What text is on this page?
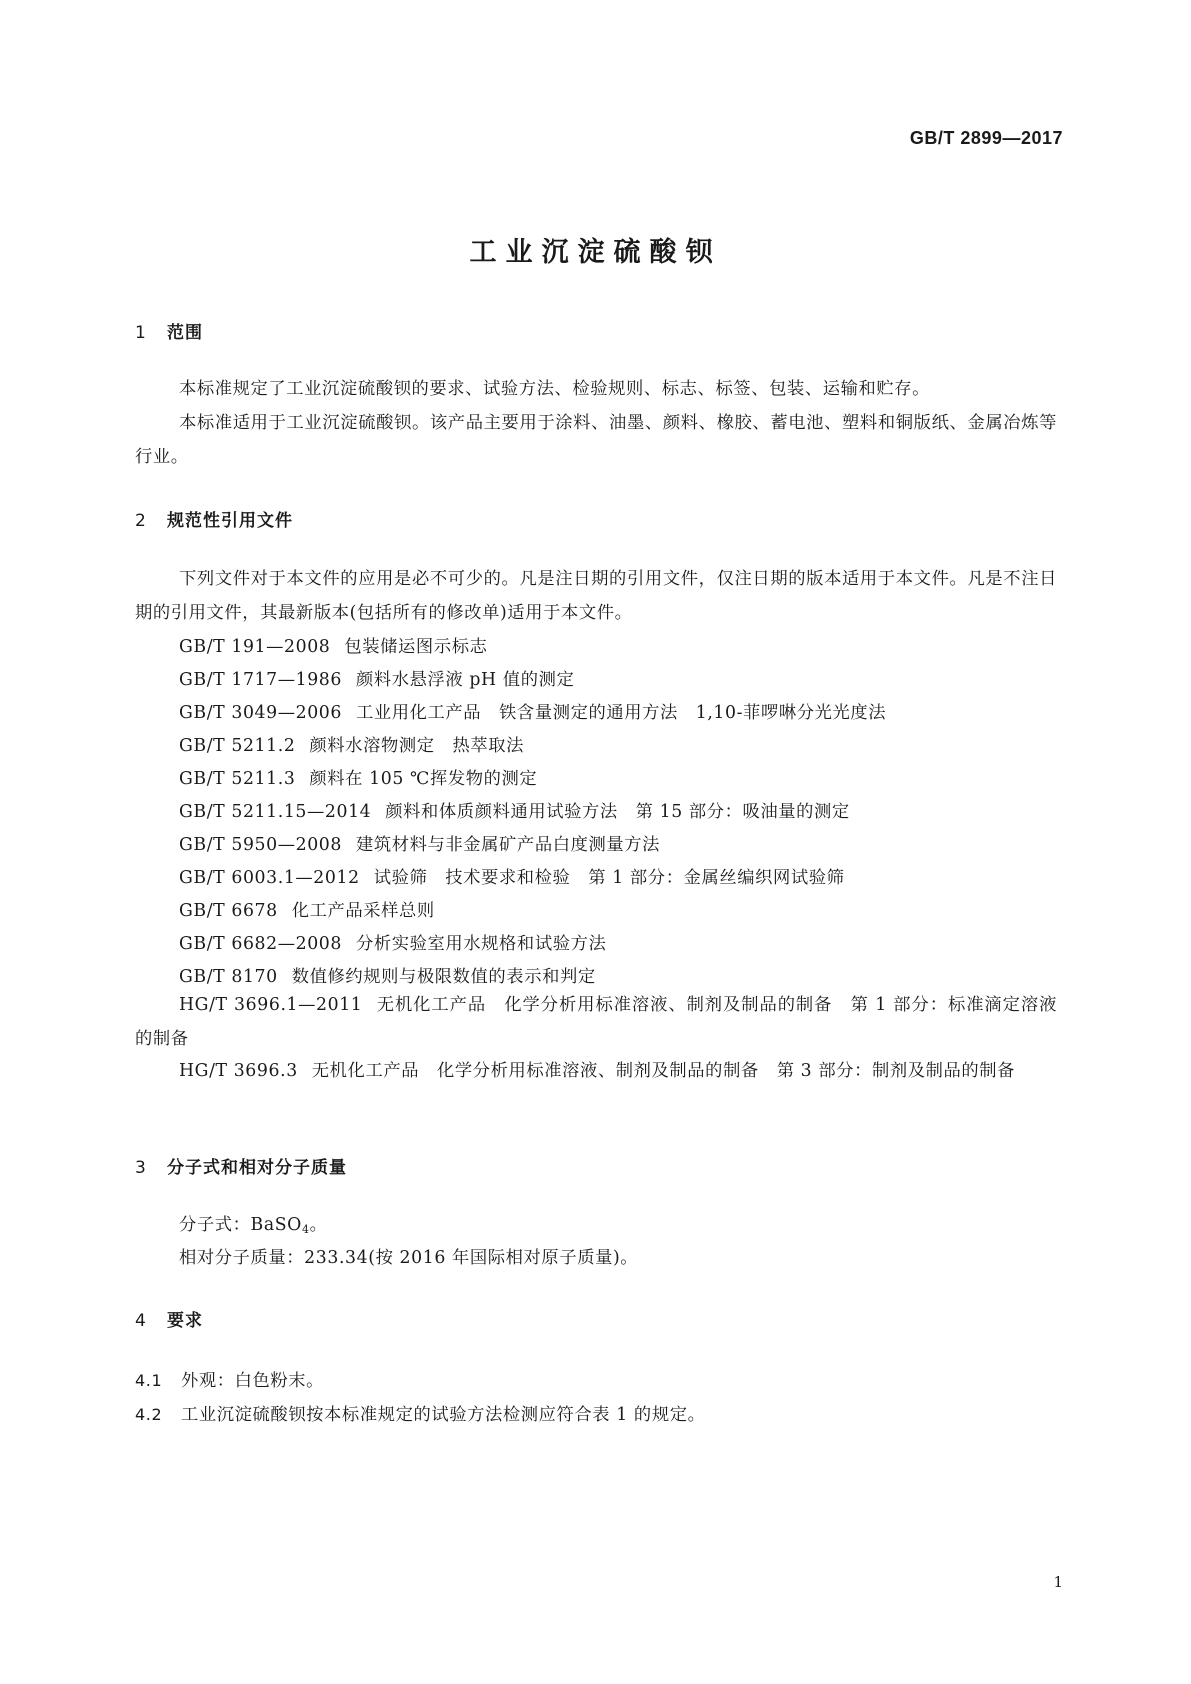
GB/T 2899—2017
工业沉淀硫酸钡
1 范围
本标准规定了工业沉淀硫酸钡的要求、试验方法、检验规则、标志、标签、包装、运输和贮存。
本标准适用于工业沉淀硫酸钡。该产品主要用于涂料、油墨、颜料、橡胶、蓄电池、塑料和铜版纸、金属冶炼等行业。
2 规范性引用文件
下列文件对于本文件的应用是必不可少的。凡是注日期的引用文件，仅注日期的版本适用于本文件。凡是不注日期的引用文件，其最新版本(包括所有的修改单)适用于本文件。
GB/T 191—2008 包装储运图示标志
GB/T 1717—1986 颜料水悬浮液 pH 值的测定
GB/T 3049—2006 工业用化工产品　铁含量测定的通用方法　1,10-菲啰啉分光光度法
GB/T 5211.2 颜料水溶物测定　热萃取法
GB/T 5211.3 颜料在 105 ℃挥发物的测定
GB/T 5211.15—2014 颜料和体质颜料通用试验方法　第 15 部分：吸油量的测定
GB/T 5950—2008 建筑材料与非金属矿产品白度测量方法
GB/T 6003.1—2012 试验筛　技术要求和检验　第 1 部分：金属丝编织网试验筛
GB/T 6678 化工产品采样总则
GB/T 6682—2008 分析实验室用水规格和试验方法
GB/T 8170 数值修约规则与极限数值的表示和判定
HG/T 3696.1—2011 无机化工产品　化学分析用标准溶液、制剂及制品的制备　第 1 部分：标准滴定溶液的制备
HG/T 3696.3 无机化工产品　化学分析用标准溶液、制剂及制品的制备　第 3 部分：制剂及制品的制备
3 分子式和相对分子质量
分子式：BaSO$_4$。
相对分子质量：233.34(按 2016 年国际相对原子质量)。
4 要求
4.1 外观：白色粉末。
4.2 工业沉淀硫酸钡按本标准规定的试验方法检测应符合表 1 的规定。
1
